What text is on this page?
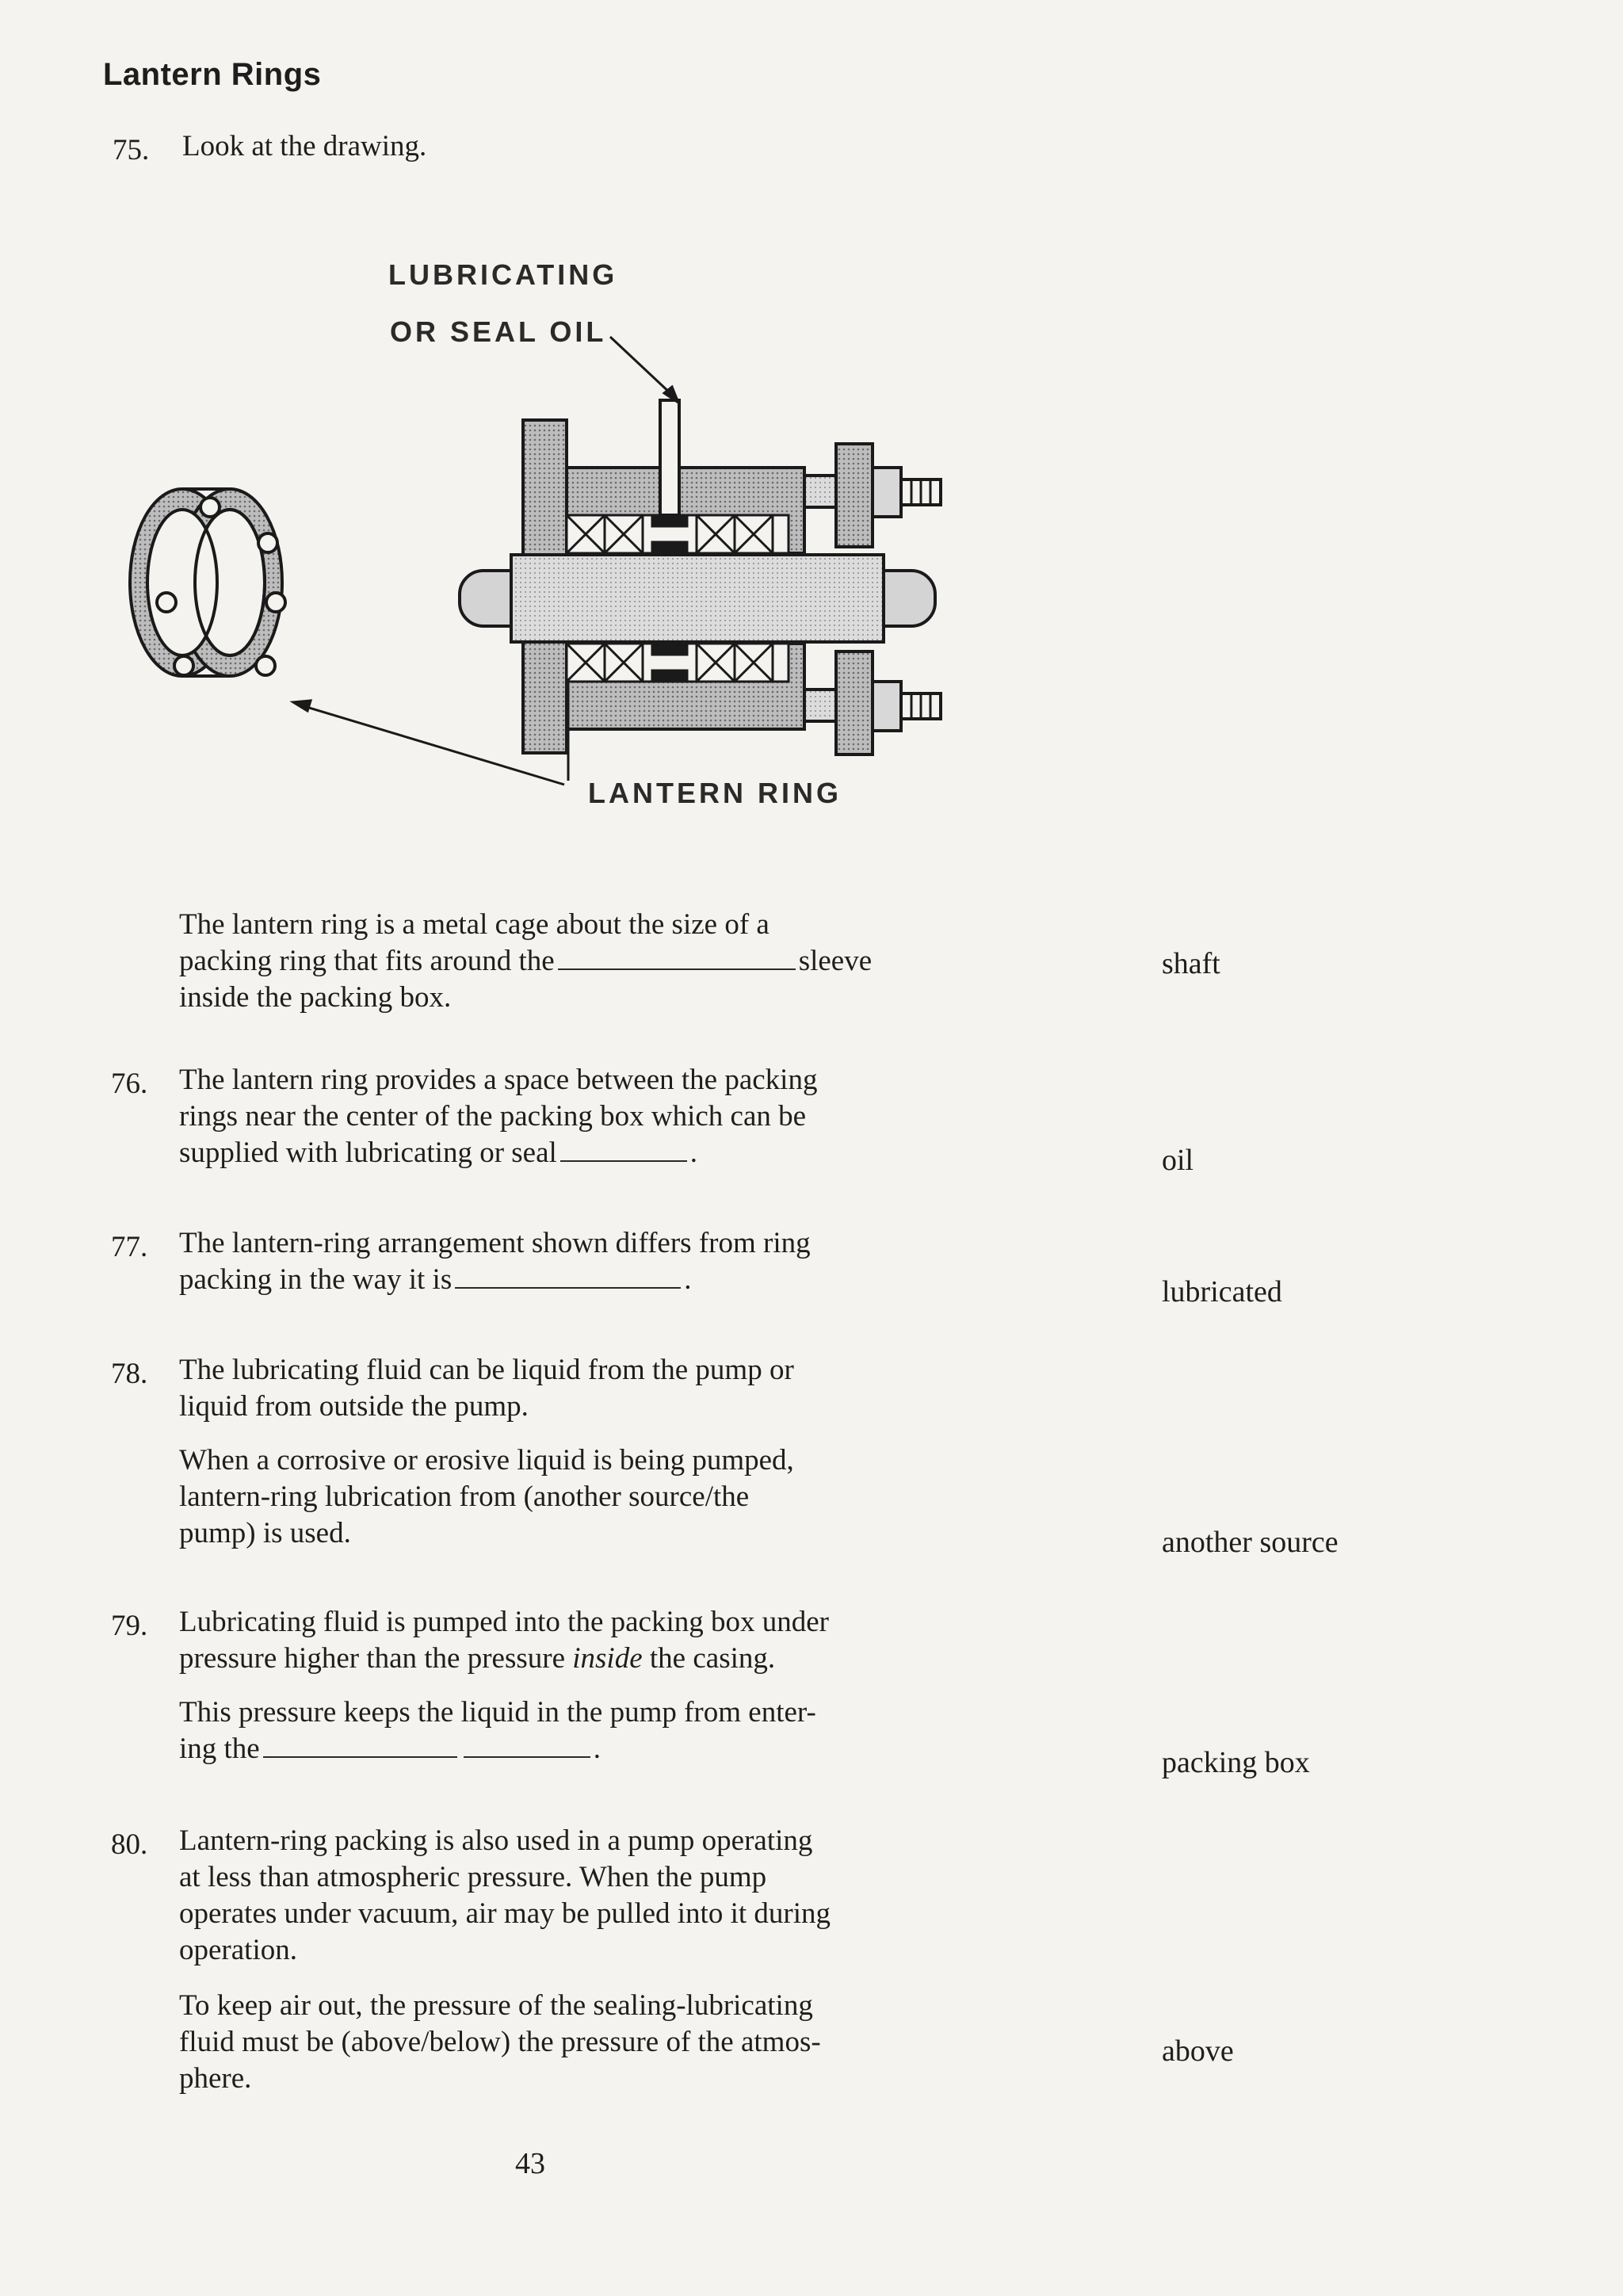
Lantern Rings
75. Look at the drawing.
LUBRICATING
OR SEAL OIL
LANTERN RING
The lantern ring is a metal cage about the size of a
packing ring that fits around the	sleeve
inside the packing box.
shaft
76. The lantern ring provides a space between the packing
rings near the center of the packing box which can be
supplied with lubricating or seal	.	oil
77. The lantern-ring arrangement shown differs from ring
packing in the way it is	.	lubricated
78. The lubricating fluid can be liquid from the pump or
liquid from outside the pump.
When a corrosive or erosive liquid is being pumped,
lantern-ring lubrication from (another source/the
pump) is used.	another source
79. Lubricating fluid is pumped into the packing box under
pressure higher than the pressure inside the casing.
This pressure keeps the liquid in the pump from enter-
ing the	.	packing box
80. Lantern-ring packing is also used in a pump operating
at less than atmospheric pressure. When the pump
operates under vacuum, air may be pulled into it during
operation.
To keep air out, the pressure of the sealing-lubricating
fluid must be (above/below) the pressure of the atmos-
phere.
above
43
